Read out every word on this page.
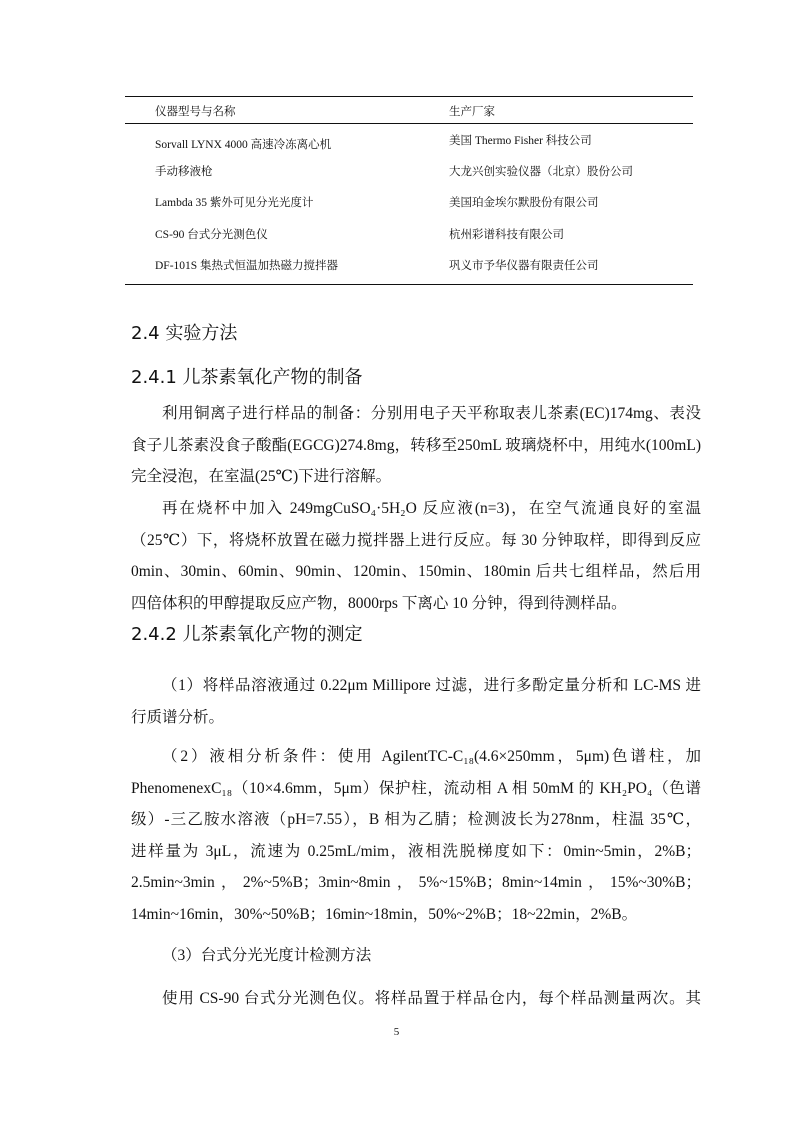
仪器型号与名称	生产厂家
Sorvall LYNX 4000 高速冷冻离心机	美国 Thermo Fisher 科技公司
手动移液枪	大龙兴创实验仪器（北京）股份公司
Lambda 35 紫外可见分光光度计	美国珀金埃尔默股份有限公司
CS-90 台式分光测色仪	杭州彩谱科技有限公司
DF-101S 集热式恒温加热磁力搅拌器	巩义市予华仪器有限责任公司
2.4 实验方法
2.4.1 儿茶素氧化产物的制备
利用铜离子进行样品的制备：分别用电子天平称取表儿茶素(EC)174mg、表没
食子儿茶素没食子酸酯(EGCG)274.8mg，转移至250mL 玻璃烧杯中，用纯水(100mL)
完全浸泡，在室温(25℃)下进行溶解。
再在烧杯中加入 249mgCuSO₄·5H₂O 反应液(n=3)，在空气流通良好的室温
（25℃）下，将烧杯放置在磁力搅拌器上进行反应。每 30 分钟取样，即得到反应
0min、30min、60min、90min、120min、150min、180min 后共七组样品，然后用
四倍体积的甲醇提取反应产物，8000rps 下离心 10 分钟，得到待测样品。
2.4.2 儿茶素氧化产物的测定
（1）将样品溶液通过 0.22μm Millipore 过滤，进行多酚定量分析和 LC-MS 进
行质谱分析。
（2）液相分析条件：使用 AgilentTC-C₁₈(4.6×250mm，5μm)色谱柱，加
PhenomenexC₁₈（10×4.6mm，5μm）保护柱，流动相 A 相 50mM 的 KH₂PO₄（色谱
级）-三乙胺水溶液（pH=7.55），B 相为乙腈；检测波长为278nm，柱温 35℃，
进样量为 3μL，流速为 0.25mL/mim，液相洗脱梯度如下：0min~5min，2%B；
2.5min~3min，2%~5%B；3min~8min，5%~15%B；8min~14min，15%~30%B；
14min~16min，30%~50%B；16min~18min，50%~2%B；18~22min，2%B。
（3）台式分光光度计检测方法
使用 CS-90 台式分光测色仪。将样品置于样品仓内，每个样品测量两次。其
5
